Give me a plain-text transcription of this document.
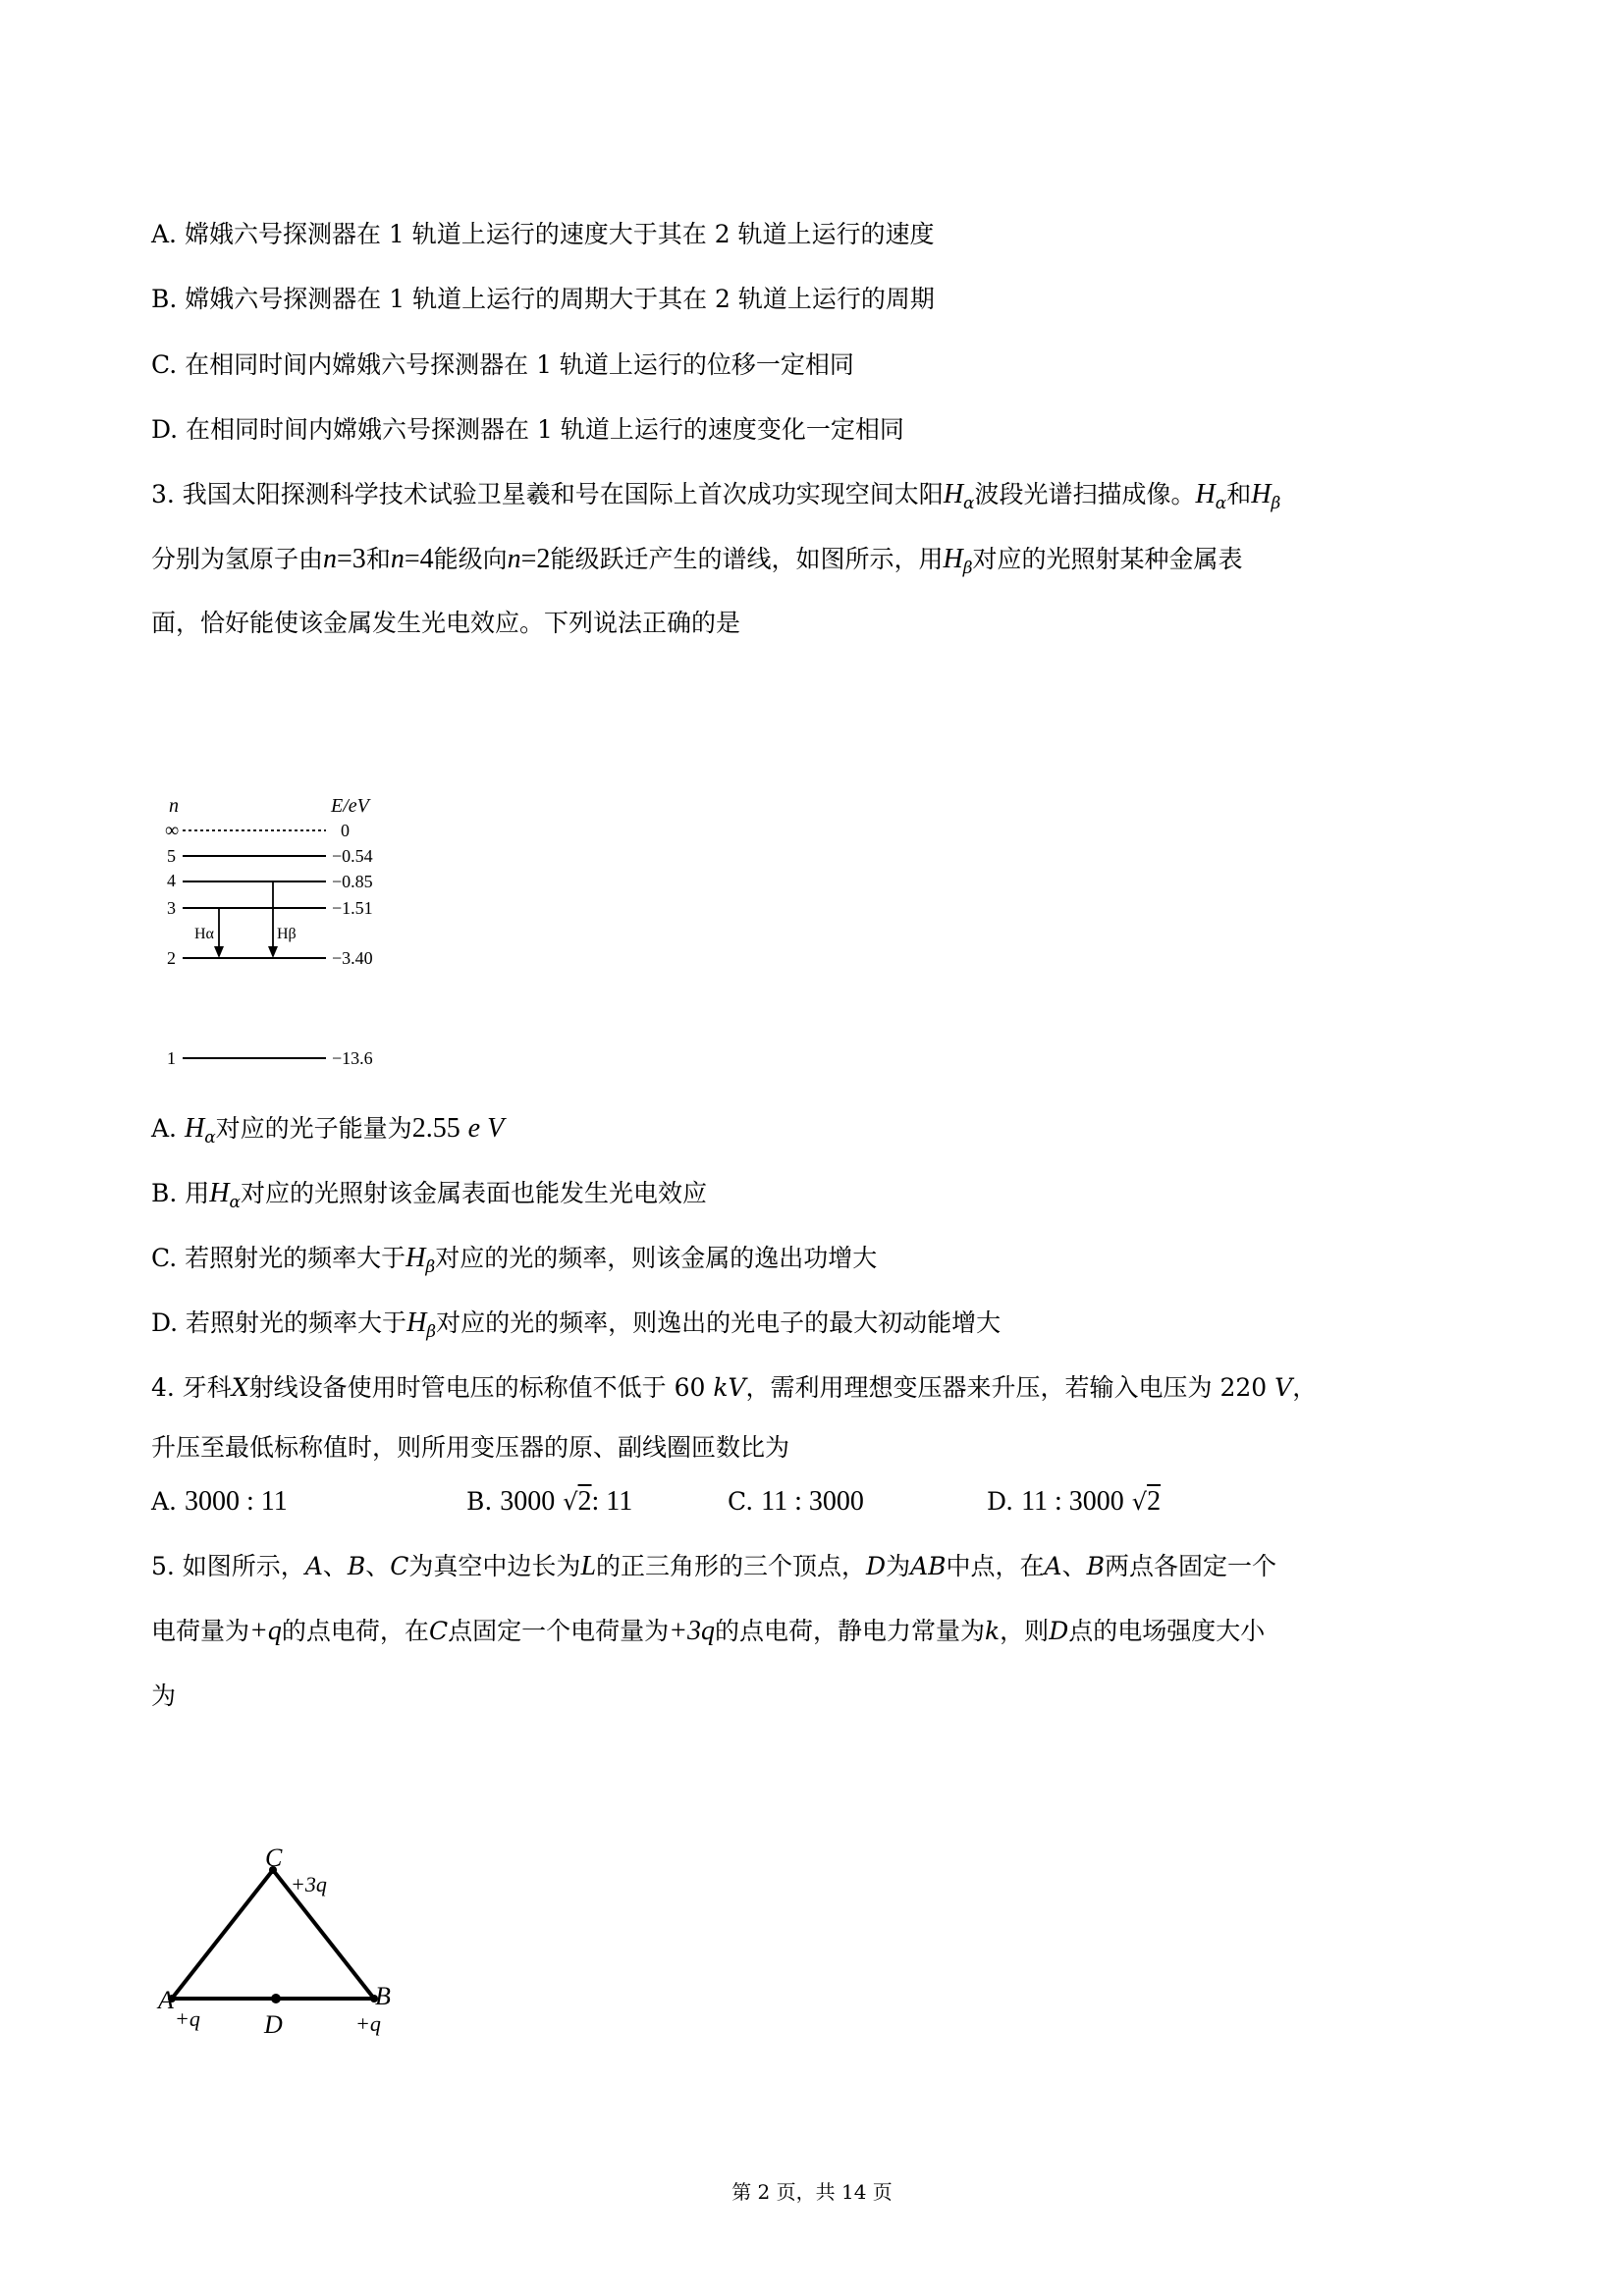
A. 嫦娥六号探测器在 1 轨道上运行的速度大于其在 2 轨道上运行的速度
B. 嫦娥六号探测器在 1 轨道上运行的周期大于其在 2 轨道上运行的周期
C. 在相同时间内嫦娥六号探测器在 1 轨道上运行的位移一定相同
D. 在相同时间内嫦娥六号探测器在 1 轨道上运行的速度变化一定相同
3. 我国太阳探测科学技术试验卫星羲和号在国际上首次成功实现空间太阳$H_\alpha$波段光谱扫描成像。$H_\alpha$和$H_\beta$
分别为氢原子由n=3和n=4能级向n=2能级跃迁产生的谱线，如图所示，用$H_\beta$对应的光照射某种金属表
面，恰好能使该金属发生光电效应。下列说法正确的是
n	E/eV
∞	0
5	−0.54
4	−0.85
3	−1.51
2	−3.40
1	−13.6
Hα	Hβ
A. $H_\alpha$对应的光子能量为2.55 e V
B. 用$H_\alpha$对应的光照射该金属表面也能发生光电效应
C. 若照射光的频率大于$H_\beta$对应的光的频率，则该金属的逸出功增大
D. 若照射光的频率大于$H_\beta$对应的光的频率，则逸出的光电子的最大初动能增大
4. 牙科X射线设备使用时管电压的标称值不低于 60 kV，需利用理想变压器来升压，若输入电压为 220 V，
升压至最低标称值时，则所用变压器的原、副线圈匝数比为
A. 3000 : 11	B. 3000 √2: 11	C. 11 : 3000	D. 11 : 3000 √2
5. 如图所示，A、B、C为真空中边长为L的正三角形的三个顶点，D为AB中点，在A、B两点各固定一个
电荷量为+q的点电荷，在C点固定一个电荷量为+3q的点电荷，静电力常量为k，则D点的电场强度大小
为
C
+3q
A
+q
B
+q
D
第 2 页，共 14 页
